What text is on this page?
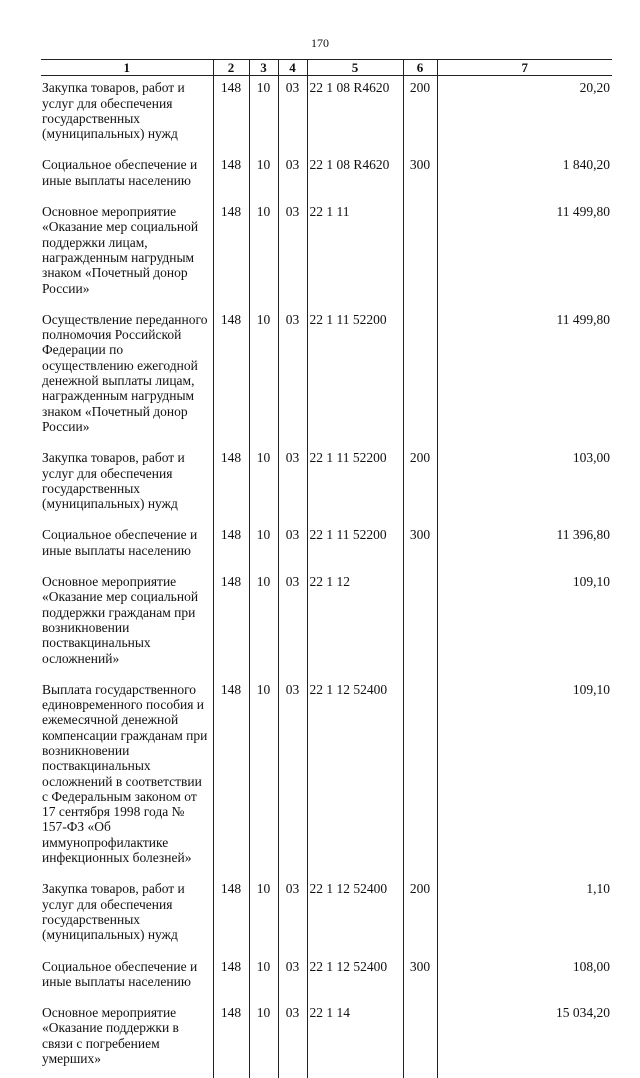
170
1	2	3	4	5	6	7
Закупка товаров, работ и услуг для обеспечения государственных (муниципальных) нужд	148	10	03	22 1 08 R4620	200	20,20
Социальное обеспечение и иные выплаты населению	148	10	03	22 1 08 R4620	300	1 840,20
Основное мероприятие «Оказание мер социальной поддержки лицам, награжденным нагрудным знаком «Почетный донор России»	148	10	03	22 1 11		11 499,80
Осуществление переданного полномочия Российской Федерации по осуществлению ежегодной денежной выплаты лицам, награжденным нагрудным знаком «Почетный донор России»	148	10	03	22 1 11 52200		11 499,80
Закупка товаров, работ и услуг для обеспечения государственных (муниципальных) нужд	148	10	03	22 1 11 52200	200	103,00
Социальное обеспечение и иные выплаты населению	148	10	03	22 1 11 52200	300	11 396,80
Основное мероприятие «Оказание мер социальной поддержки гражданам при возникновении поствакцинальных осложнений»	148	10	03	22 1 12		109,10
Выплата государственного единовременного пособия и ежемесячной денежной компенсации гражданам при возникновении поствакцинальных осложнений в соответствии с Федеральным законом от 17 сентября 1998 года № 157-ФЗ «Об иммунопрофилактике инфекционных болезней»	148	10	03	22 1 12 52400		109,10
Закупка товаров, работ и услуг для обеспечения государственных (муниципальных) нужд	148	10	03	22 1 12 52400	200	1,10
Социальное обеспечение и иные выплаты населению	148	10	03	22 1 12 52400	300	108,00
Основное мероприятие «Оказание поддержки в связи с погребением умерших»	148	10	03	22 1 14		15 034,20
